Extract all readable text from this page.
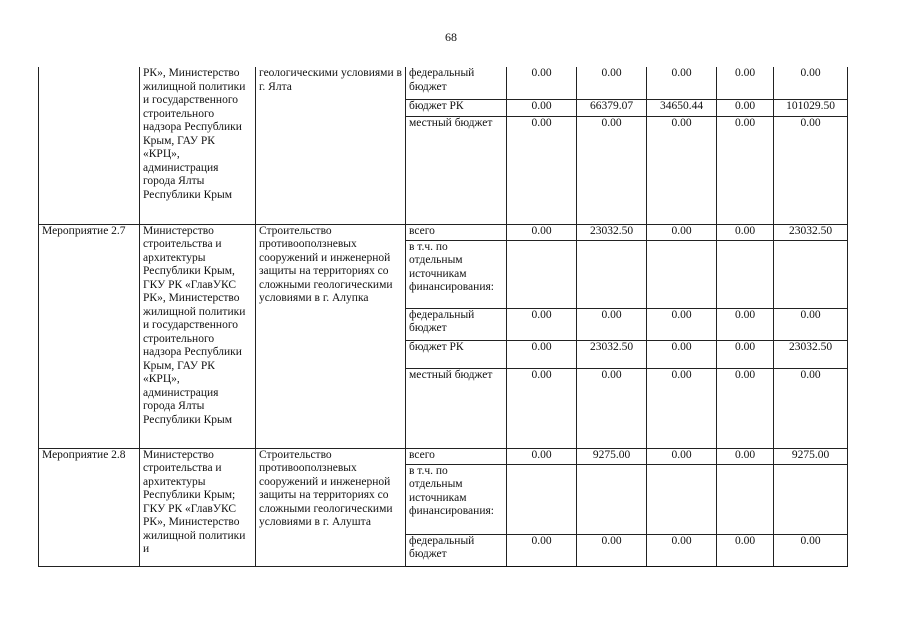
68
	РК», Министерство жилищной политики и государственного строительного надзора Республики Крым, ГАУ РК «КРЦ», администрация города Ялты Республики Крым	геологическими условиями в г. Ялта	федеральный бюджет	0.00	0.00	0.00	0.00	0.00
			бюджет РК	0.00	66379.07	34650.44	0.00	101029.50
			местный бюджет	0.00	0.00	0.00	0.00	0.00
Мероприятие 2.7	Министерство строительства и архитектуры Республики Крым, ГКУ РК «ГлавУКС РК», Министерство жилищной политики и государственного строительного надзора Республики Крым, ГАУ РК «КРЦ», администрация города Ялты Республики Крым	Строительство противооползневых сооружений и инженерной защиты на территориях со сложными геологическими условиями в г. Алупка	всего	0.00	23032.50	0.00	0.00	23032.50
			в т.ч. по отдельным источникам финансирования:					
			федеральный бюджет	0.00	0.00	0.00	0.00	0.00
			бюджет РК	0.00	23032.50	0.00	0.00	23032.50
			местный бюджет	0.00	0.00	0.00	0.00	0.00
Мероприятие 2.8	Министерство строительства и архитектуры Республики Крым; ГКУ РК «ГлавУКС РК», Министерство жилищной политики и	Строительство противооползневых сооружений и инженерной защиты на территориях со сложными геологическими условиями в г. Алушта	всего	0.00	9275.00	0.00	0.00	9275.00
			в т.ч. по отдельным источникам финансирования:					
			федеральный бюджет	0.00	0.00	0.00	0.00	0.00
